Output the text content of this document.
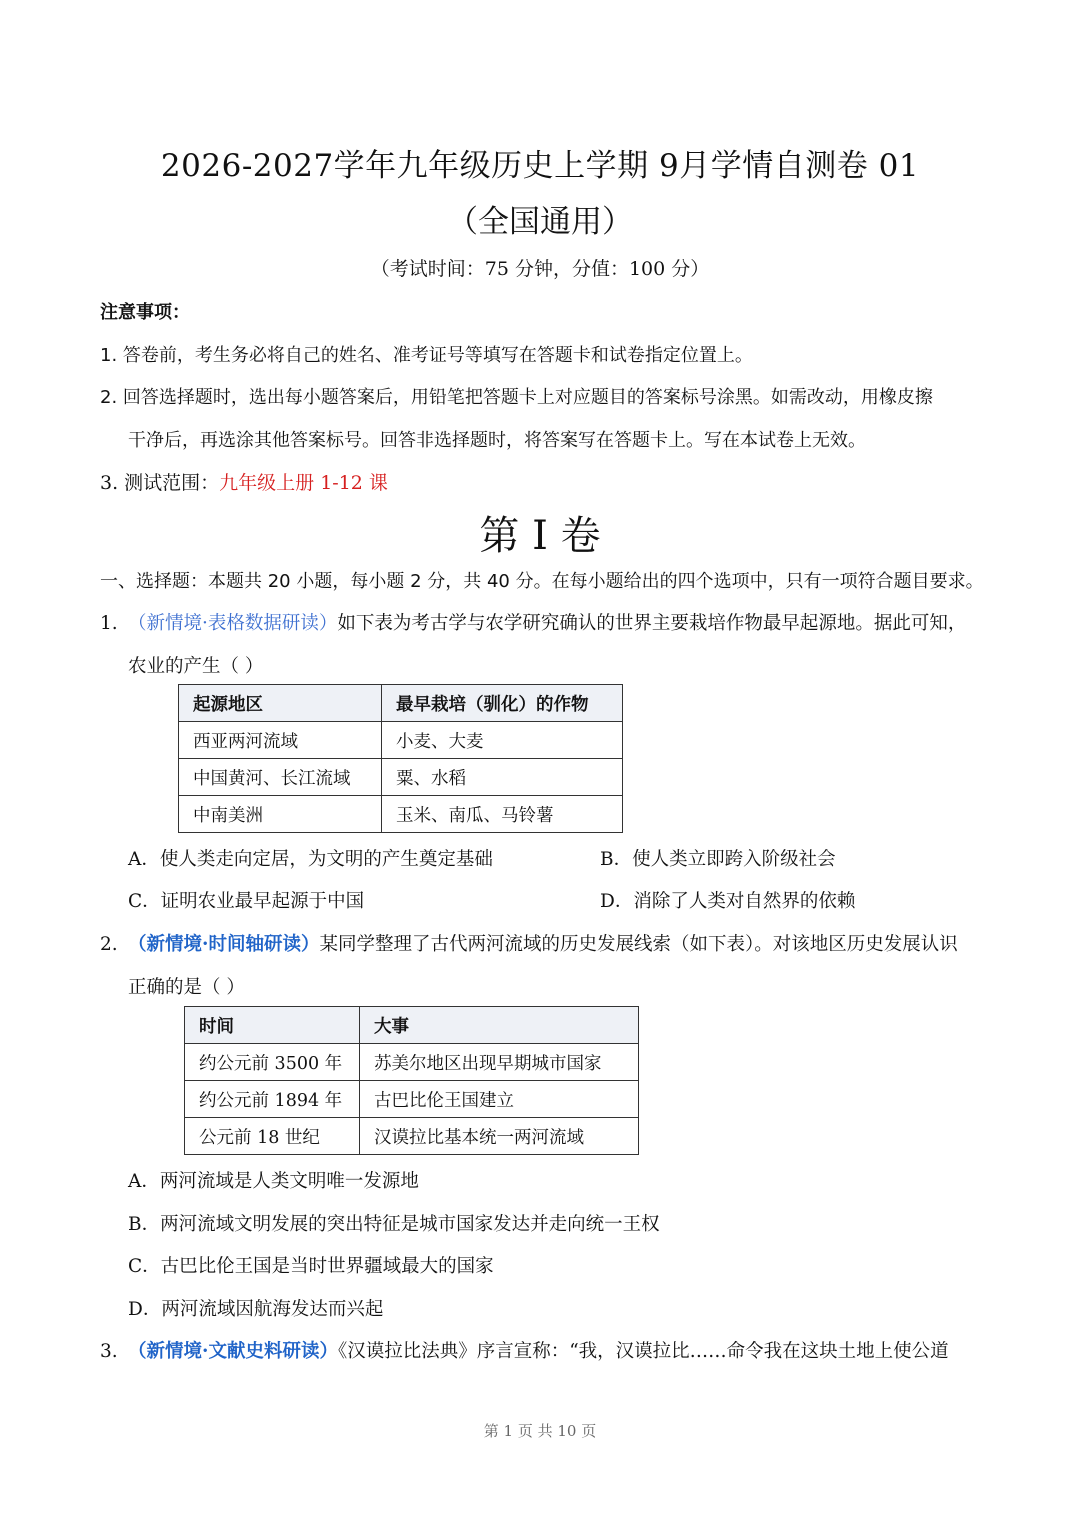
2026-2027学年九年级历史上学期 9月学情自测卷 01
（全国通用）
（考试时间：75 分钟，分值：100 分）
注意事项：
1. 答卷前，考生务必将自己的姓名、准考证号等填写在答题卡和试卷指定位置上。
2. 回答选择题时，选出每小题答案后，用铅笔把答题卡上对应题目的答案标号涂黑。如需改动，用橡皮擦
干净后，再选涂其他答案标号。回答非选择题时，将答案写在答题卡上。写在本试卷上无效。
3. 测试范围：九年级上册 1-12 课
第 I 卷
一、选择题：本题共 20 小题，每小题 2 分，共 40 分。在每小题给出的四个选项中，只有一项符合题目要求。
1. （新情境·表格数据研读）如下表为考古学与农学研究确认的世界主要栽培作物最早起源地。据此可知，
农业的产生（ ）
起源地区	最早栽培（驯化）的作物
西亚两河流域	小麦、大麦
中国黄河、长江流域	粟、水稻
中南美洲	玉米、南瓜、马铃薯
A．使人类走向定居，为文明的产生奠定基础	B．使人类立即跨入阶级社会
C．证明农业最早起源于中国	D．消除了人类对自然界的依赖
2. （新情境·时间轴研读）某同学整理了古代两河流域的历史发展线索（如下表）。对该地区历史发展认识
正确的是（ ）
时间	大事
约公元前 3500 年	苏美尔地区出现早期城市国家
约公元前 1894 年	古巴比伦王国建立
公元前 18 世纪	汉谟拉比基本统一两河流域
A．两河流域是人类文明唯一发源地
B．两河流域文明发展的突出特征是城市国家发达并走向统一王权
C．古巴比伦王国是当时世界疆域最大的国家
D．两河流域因航海发达而兴起
3. （新情境·文献史料研读）《汉谟拉比法典》序言宣称：“我，汉谟拉比……命令我在这块土地上使公道
第 1 页 共 10 页
